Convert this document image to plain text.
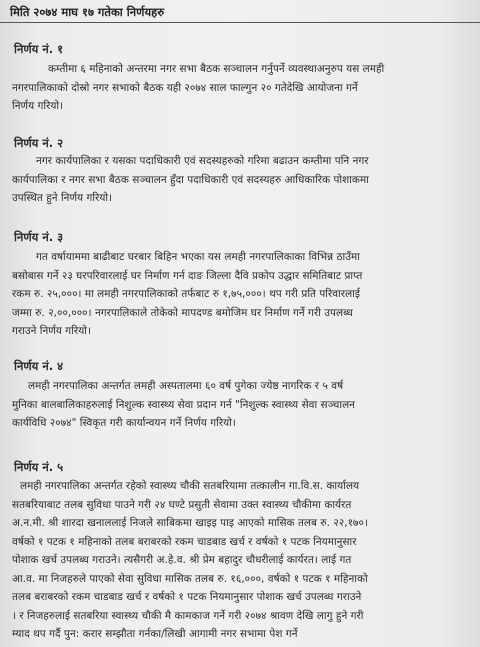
मिति २०७४ माघ १७ गतेका निर्णयहरु
निर्णय नं. १
कम्तीमा ६ महिनाको अन्तरमा नगर सभा बैठक सञ्चालन गर्नुपर्ने व्यवस्थाअनुरुप यस लमही
नगरपालिकाको दोस्रो नगर सभाको बैठक यही २०७४ साल फाल्गुन २० गतेदेखि आयोजना गर्ने
निर्णय गरियो।
निर्णय नं. २
नगर कार्यपालिका र यसका पदाधिकारी एवं सदस्यहरुको गरिमा बढाउन कम्तीमा पनि नगर
कार्यपालिका र नगर सभा बैठक सञ्चालन हुँदा पदाधिकारी एवं सदस्यहरु आधिकारिक पोशाकमा
उपस्थित हुने निर्णय गरियो।
निर्णय नं. ३
गत वर्षायाममा बाढीबाट घरबार बिहिन भएका यस लमही नगरपालिकाका विभिन्न ठाउँमा
बसोबास गर्ने २३ घरपरिवारलाई घर निर्माण गर्न दाङ जिल्ला दैवि प्रकोप उद्धार समितिबाट प्राप्त
रकम रु. २५,०००। मा लमही नगरपालिकाको तर्फबाट रु १,७५,०००। थप गरी प्रति परिवारलाई
जम्मा रु. २,००,०००। नगरपालिकाले तोकेको मापदण्ड बमोजिम घर निर्माण गर्ने गरी उपलब्ध
गराउने निर्णय गरियो।
निर्णय नं. ४
लमही नगरपालिका अन्तर्गत लमही अस्पतालमा ६० वर्ष पुगेका ज्येष्ठ नागरिक र ५ वर्ष
मुनिका बालबालिकाहरुलाई निशुल्क स्वास्थ्य सेवा प्रदान गर्न "निशुल्क स्वास्थ्य सेवा सञ्चालन
कार्यविधि २०७४" स्विकृत गरी कार्यान्वयन गर्ने निर्णय गरियो।
निर्णय नं. ५
लमही नगरपालिका अन्तर्गत रहेको स्वास्थ्य चौकी सतबरियामा तत्कालीन गा.वि.स. कार्यालय
सतबरियाबाट तलब सुविधा पाउने गरी २४ घण्टे प्रसुती सेवामा उक्त स्वास्थ्य चौकीमा कार्यरत
अ.न.मी. श्री शारदा खनाललाई निजले साबिकमा खाइइ पाइ आएको मासिक तलब रु. २२,१७०।
वर्षको १ पटक १ महिनाको तलब बराबरको रकम चाडबाड खर्च र वर्षको १ पटक नियमानुसार
पोशाक खर्च उपलब्ध गराउने। त्यसैगरी अ.हे.व. श्री प्रेम बहादुर चौधरीलाई कार्यरत। लाई गत
आ.व. मा निजहरुले पाएको सेवा सुविधा मासिक तलब रु. १६,०००, वर्षको १ पटक १ महिनाको
तलब बराबरको रकम चाडबाड खर्च र वर्षको १ पटक नियमानुसार पोशाक खर्च उपलब्ध गराउने
। र निजहरुलाई सतबरिया स्वास्थ्य चौकी मै कामकाज गर्ने गरी २०७४ श्रावण देखि लागु हुने गरी
म्याद थप गर्दै पुन: करार सम्झौता गर्नका/लिखी आगामी नगर सभामा पेश गर्ने
